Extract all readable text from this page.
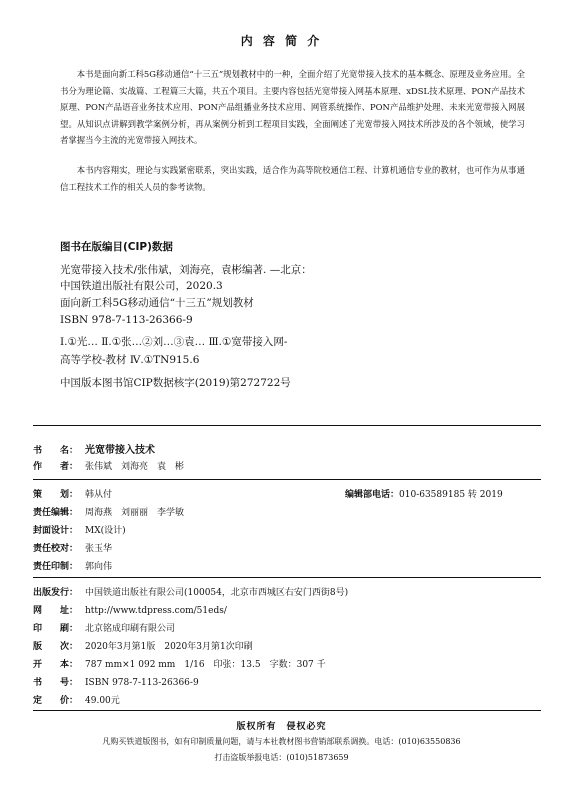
内 容 简 介
本书是面向新工科5G移动通信“十三五”规划教材中的一种，全面介绍了光宽带接入技术的基本概念、原理及业务应用。全书分为理论篇、实战篇、工程篇三大篇，共五个项目。主要内容包括光宽带接入网基本原理、xDSL技术原理、PON产品技术原理、PON产品语音业务技术应用、PON产品组播业务技术应用、网管系统操作、PON产品维护处理、未来光宽带接入网展望。从知识点讲解到教学案例分析，再从案例分析到工程项目实践，全面阐述了光宽带接入网技术所涉及的各个领域，使学习者掌握当今主流的光宽带接入网技术。
本书内容翔实，理论与实践紧密联系，突出实践，适合作为高等院校通信工程、计算机通信专业的教材，也可作为从事通信工程技术工作的相关人员的参考读物。
图书在版编目(CIP)数据
光宽带接入技术/张伟斌，刘海亮，袁彬编著. —北京：
中国铁道出版社有限公司，2020.3
面向新工科5G移动通信“十三五”规划教材
ISBN 978-7-113-26366-9
Ⅰ.①光… Ⅱ.①张…②刘…③袁… Ⅲ.①宽带接入网-
高等学校-教材 Ⅳ.①TN915.6
中国版本图书馆CIP数据核字(2019)第272722号
书　　名： 光宽带接入技术
作　　者： 张伟斌　刘海亮　袁　彬
策　　划： 韩从付	编辑部电话：010-63589185 转 2019
责任编辑： 周海燕　刘丽丽　李学敏
封面设计： MX(设计)
责任校对： 张玉华
责任印制： 郭向伟
出版发行： 中国铁道出版社有限公司(100054，北京市西城区右安门西街8号)
网　　址： http://www.tdpress.com/51eds/
印　　刷： 北京铭成印刷有限公司
版　　次： 2020年3月第1版　2020年3月第1次印刷
开　　本： 787 mm×1 092 mm　1/16　印张：13.5　字数：307 千
书　　号： ISBN 978-7-113-26366-9
定　　价： 49.00元
版权所有　侵权必究
凡购买铁道版图书，如有印制质量问题，请与本社教材图书营销部联系调换。电话：(010)63550836
打击盗版举报电话：(010)51873659
